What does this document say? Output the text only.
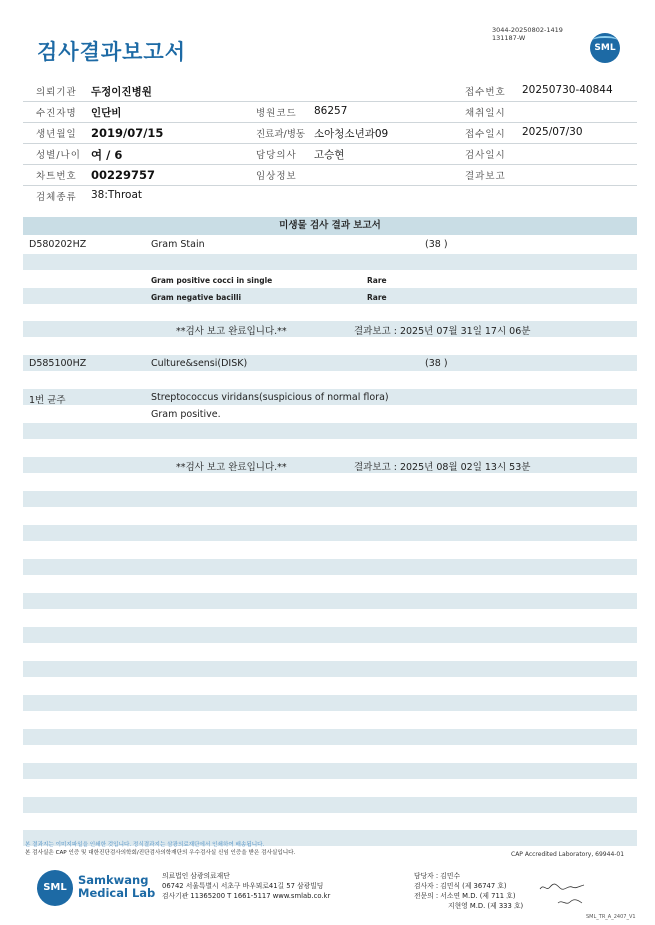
검사결과보고서
3044-20250802-1419
131187-W
SML
의뢰기관 두정이진병원	접수번호 20250730-40844
수진자명 인단비	병원코드 86257	채취일시
생년월일 2019/07/15	진료과/병동 소아청소년과09	접수일시 2025/07/30
성별/나이 여 / 6	담당의사 고승현	검사일시
차트번호 00229757	임상정보	결과보고
검체종류 38:Throat
미생물 검사 결과 보고서
D580202HZ	Gram Stain	(38 )
Gram positive cocci in single	Rare
Gram negative bacilli	Rare
**검사 보고 완료입니다.**	결과보고 : 2025년 07월 31일 17시 06분
D585100HZ	Culture&sensi(DISK)	(38 )
1번 균주	Streptococcus viridans(suspicious of normal flora)
Gram positive.
**검사 보고 완료입니다.**	결과보고 : 2025년 08월 02일 13시 53분
본 결과지는 이미지파일을 인쇄한 것입니다. 정식결과지는 삼광의료재단에서 인쇄하여 배송됩니다.
본 검사실은 CAP 인증 및 대한진단검사의학회/진단검사의학재단의 우수검사실 신임 인증을 받은 검사실입니다.	CAP Accredited Laboratory, 69944-01
SML
Samkwang
Medical Lab
의료법인 삼광의료재단
06742 서울특별시 서초구 바우뫼로41길 57 삼광빌딩
검사기관 11365200 T 1661-5117 www.smlab.co.kr
담당자 : 김민수
검사자 : 김민식 (제 36747 호)
전문의 : 서소연 M.D. (제 711 호)
지현영 M.D. (제 333 호)
SML_TR_A_2407_V1
